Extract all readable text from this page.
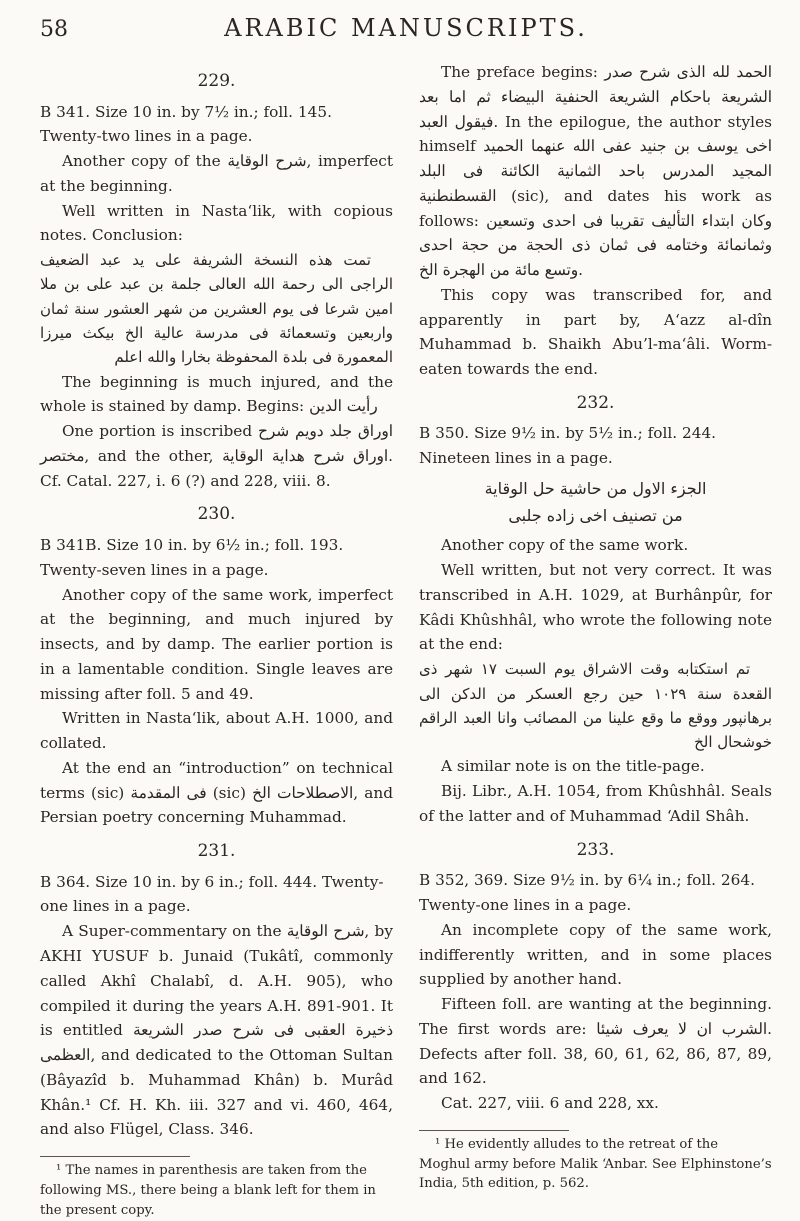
58	ARABIC MANUSCRIPTS.
229.

B 341. Size 10 in. by 7½ in.; foll. 145. Twenty-two lines in a page.

Another copy of the شرح الوقاية, imperfect at the beginning.

Well written in Nasta‘lik, with copious notes. Conclusion:

تمت هذه النسخة الشريفة على يد عبد الضعيف الراجى الى رحمة الله العالى جلمة بن عبد على بن ملا امين شرعا فى يوم العشرين من شهر العشور سنة ثمان واربعين وتسعمائة فى مدرسة عالية الخ بيكث ميرزا المعمورة فى بلدة المحفوظة بخارا والله اعلم

The beginning is much injured, and the whole is stained by damp. Begins: رأيت الدين

One portion is inscribed اوراق جلد دويم شرح مختصر, and the other, اوراق شرح هداية الوقاية. Cf. Catal. 227, i. 6 (?) and 228, viii. 8.

230.

B 341B. Size 10 in. by 6½ in.; foll. 193. Twenty-seven lines in a page.

Another copy of the same work, imperfect at the beginning, and much injured by insects, and by damp. The earlier portion is in a lamentable condition. Single leaves are missing after foll. 5 and 49.

Written in Nasta‘lik, about A.H. 1000, and collated.

At the end an “introduction” on technical terms (sic) فى المقدمة (sic) الاصطلاحات الخ, and Persian poetry concerning Muhammad.

231.

B 364. Size 10 in. by 6 in.; foll. 444. Twenty-one lines in a page.

A Super-commentary on the شرح الوقاية, by AKHI YUSUF b. Junaid (Tukâtî, commonly called Akhî Chalabî, d. A.H. 905), who compiled it during the years A.H. 891-901. It is entitled ذخيرة العقبى فى شرح صدر الشريعة العظمى, and dedicated to the Ottoman Sultan (Bâyazîd b. Muhammad Khân) b. Murâd Khân.¹ Cf. H. Kh. iii. 327 and vi. 460, 464, and also Flügel, Class. 346.

¹ The names in parenthesis are taken from the following MS., there being a blank left for them in the present copy.

The preface begins: الحمد لله الذى شرح صدر الشريعة باحكام الشريعة الحنفية البيضاء ثم اما بعد فيقول العبد. In the epilogue, the author styles himself اخى يوسف بن جنيد عفى الله عنهما الحميد المجيد المدرس باحد الثمانية الكائنة فى البلد القسطنطنية (sic), and dates his work as follows: وكان ابتداء التأليف تقريبا فى احدى وتسعين وثمانمائة وختامه فى ثمان ذى الحجة من حجة احدى وتسع مائة من الهجرة الخ.

This copy was transcribed for, and apparently in part by, A‘azz al-dîn Muhammad b. Shaikh Abu’l-ma‘âli. Worm-eaten towards the end.

232.

B 350. Size 9½ in. by 5½ in.; foll. 244. Nineteen lines in a page.

الجزء الاول من حاشية حل الوقاية
من تصنيف اخى زاده جلبى

Another copy of the same work.

Well written, but not very correct. It was transcribed in A.H. 1029, at Burhânpûr, for Kâdi Khûshhâl, who wrote the following note at the end:

تم استكتابه وقت الاشراق يوم السبت ١٧ شهر ذى القعدة سنة ١٠٢٩ حين رجع العسكر من الدكن الى برهانپور ووقع ما وقع علينا من المصائب وانا العبد الراقم خوشحال الخ

A similar note is on the title-page.

Bij. Libr., A.H. 1054, from Khûshhâl. Seals of the latter and of Muhammad ‘Adil Shâh.

233.

B 352, 369. Size 9½ in. by 6¼ in.; foll. 264. Twenty-one lines in a page.

An incomplete copy of the same work, indifferently written, and in some places supplied by another hand.

Fifteen foll. are wanting at the beginning. The first words are: الشرب ان لا يعرف شيئا. Defects after foll. 38, 60, 61, 62, 86, 87, 89, and 162.

Cat. 227, viii. 6 and 228, xx.

¹ He evidently alludes to the retreat of the Moghul army before Malik ‘Anbar. See Elphinstone’s India, 5th edition, p. 562.
